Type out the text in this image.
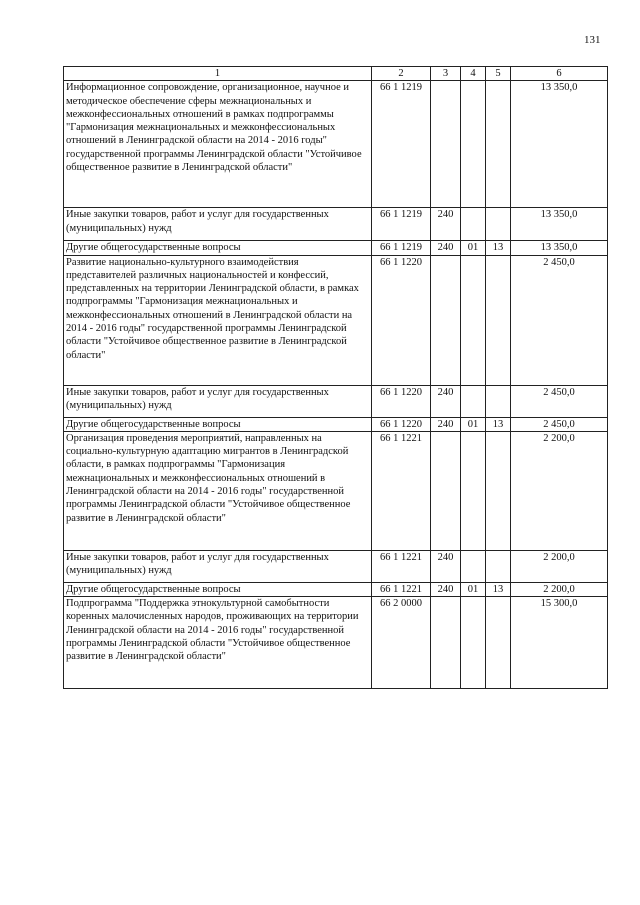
131
1	2	3	4	5	6
Информационное сопровождение, организационное, научное и методическое обеспечение сферы межнациональных и межконфессиональных отношений в рамках подпрограммы "Гармонизация межнациональных и межконфессиональных отношений в Ленинградской области на 2014 - 2016 годы" государственной программы Ленинградской области "Устойчивое общественное развитие в Ленинградской области"	66 1 1219				13 350,0
Иные закупки товаров, работ и услуг для государственных (муниципальных) нужд	66 1 1219	240			13 350,0
Другие общегосударственные вопросы	66 1 1219	240	01	13	13 350,0
Развитие национально-культурного взаимодействия представителей различных национальностей и конфессий, представленных на территории Ленинградской области, в рамках подпрограммы "Гармонизация межнациональных и межконфессиональных отношений в Ленинградской области на 2014 - 2016 годы" государственной программы Ленинградской области "Устойчивое общественное развитие в Ленинградской области"	66 1 1220				2 450,0
Иные закупки товаров, работ и услуг для государственных (муниципальных) нужд	66 1 1220	240			2 450,0
Другие общегосударственные вопросы	66 1 1220	240	01	13	2 450,0
Организация проведения мероприятий, направленных на социально-культурную адаптацию мигрантов в Ленинградской области, в рамках подпрограммы "Гармонизация межнациональных и межконфессиональных отношений в Ленинградской области на 2014 - 2016 годы" государственной программы Ленинградской области "Устойчивое общественное развитие в Ленинградской области"	66 1 1221				2 200,0
Иные закупки товаров, работ и услуг для государственных (муниципальных) нужд	66 1 1221	240			2 200,0
Другие общегосударственные вопросы	66 1 1221	240	01	13	2 200,0
Подпрограмма "Поддержка этнокультурной самобытности коренных малочисленных народов, проживающих на территории Ленинградской области на 2014 - 2016 годы" государственной программы Ленинградской области "Устойчивое общественное развитие в Ленинградской области"	66 2 0000				15 300,0
